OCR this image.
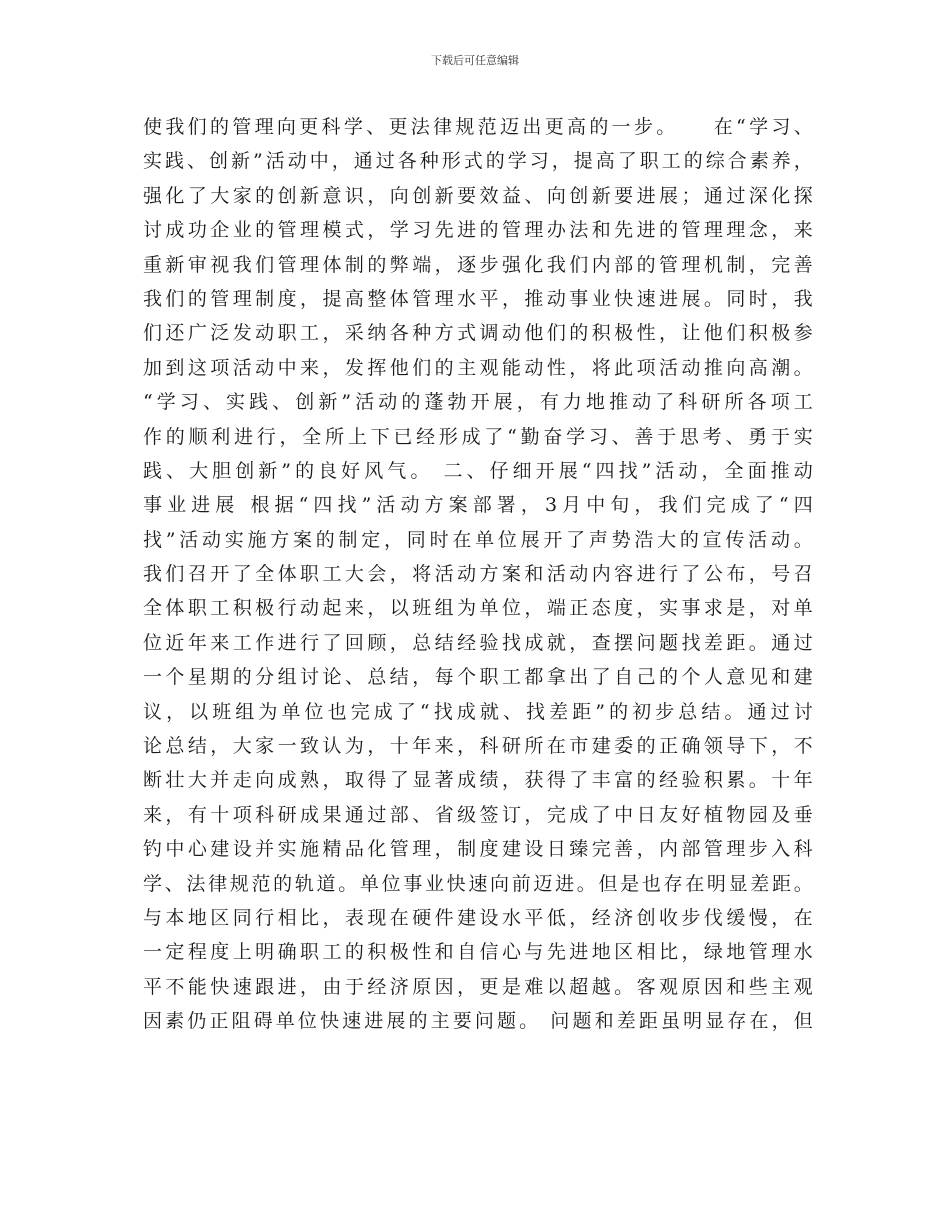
下载后可任意编辑
使我们的管理向更科学、更法律规范迈出更高的一步。　　在“学习、
实践、创新”活动中，通过各种形式的学习，提高了职工的综合素养，
强化了大家的创新意识，向创新要效益、向创新要进展；通过深化探
讨成功企业的管理模式，学习先进的管理办法和先进的管理理念，来
重新审视我们管理体制的弊端，逐步强化我们内部的管理机制，完善
我们的管理制度，提高整体管理水平，推动事业快速进展。同时，我
们还广泛发动职工，采纳各种方式调动他们的积极性，让他们积极参
加到这项活动中来，发挥他们的主观能动性，将此项活动推向高潮。
“学习、实践、创新”活动的蓬勃开展，有力地推动了科研所各项工
作的顺利进行，全所上下已经形成了“勤奋学习、善于思考、勇于实
践、大胆创新”的良好风气。 二、仔细开展“四找”活动，全面推动
事业进展 根据“四找”活动方案部署，3月中旬，我们完成了“四
找”活动实施方案的制定，同时在单位展开了声势浩大的宣传活动。
我们召开了全体职工大会，将活动方案和活动内容进行了公布，号召
全体职工积极行动起来，以班组为单位，端正态度，实事求是，对单
位近年来工作进行了回顾，总结经验找成就，查摆问题找差距。通过
一个星期的分组讨论、总结，每个职工都拿出了自己的个人意见和建
议，以班组为单位也完成了“找成就、找差距”的初步总结。通过讨
论总结，大家一致认为，十年来，科研所在市建委的正确领导下，不
断壮大并走向成熟，取得了显著成绩，获得了丰富的经验积累。十年
来，有十项科研成果通过部、省级签订，完成了中日友好植物园及垂
钓中心建设并实施精品化管理，制度建设日臻完善，内部管理步入科
学、法律规范的轨道。单位事业快速向前迈进。但是也存在明显差距。
与本地区同行相比，表现在硬件建设水平低，经济创收步伐缓慢，在
一定程度上明确职工的积极性和自信心与先进地区相比，绿地管理水
平不能快速跟进，由于经济原因，更是难以超越。客观原因和些主观
因素仍正阻碍单位快速进展的主要问题。 问题和差距虽明显存在，但
